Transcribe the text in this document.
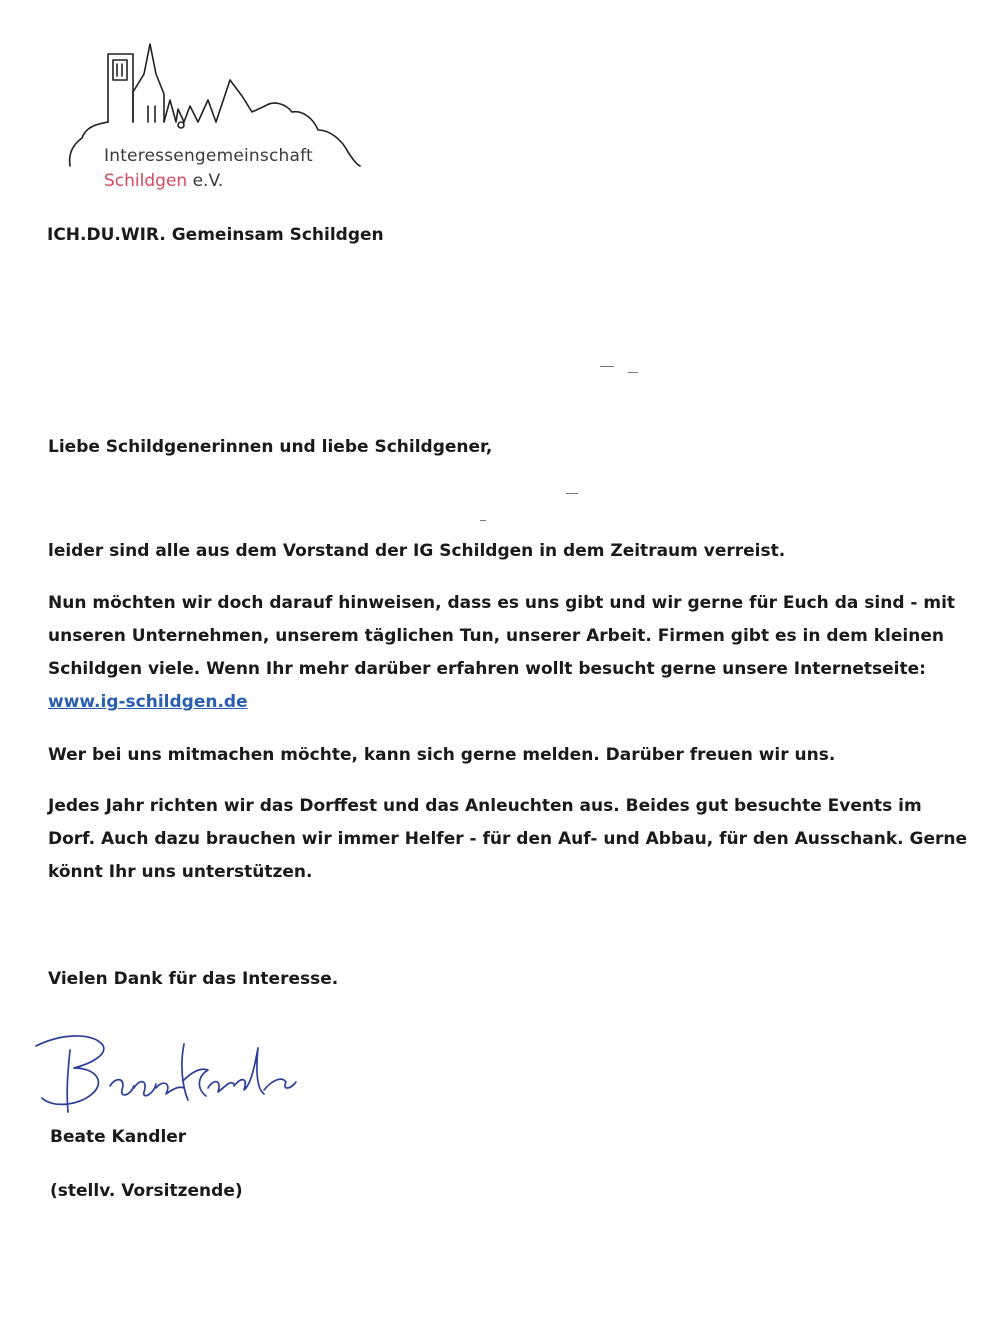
Interessengemeinschaft
Schildgen e.V.
ICH.DU.WIR. Gemeinsam Schildgen

Liebe Schildgenerinnen und liebe Schildgener,

leider sind alle aus dem Vorstand der IG Schildgen in dem Zeitraum verreist.

Nun möchten wir doch darauf hinweisen, dass es uns gibt und wir gerne für Euch da sind - mit unseren Unternehmen, unserem täglichen Tun, unserer Arbeit. Firmen gibt es in dem kleinen Schildgen viele. Wenn Ihr mehr darüber erfahren wollt besucht gerne unsere Internetseite:
www.ig-schildgen.de

Wer bei uns mitmachen möchte, kann sich gerne melden. Darüber freuen wir uns.

Jedes Jahr richten wir das Dorffest und das Anleuchten aus. Beides gut besuchte Events im Dorf. Auch dazu brauchen wir immer Helfer - für den Auf- und Abbau, für den Ausschank. Gerne könnt Ihr uns unterstützen.

Vielen Dank für das Interesse.

Beate Kandler
(stellv. Vorsitzende)
